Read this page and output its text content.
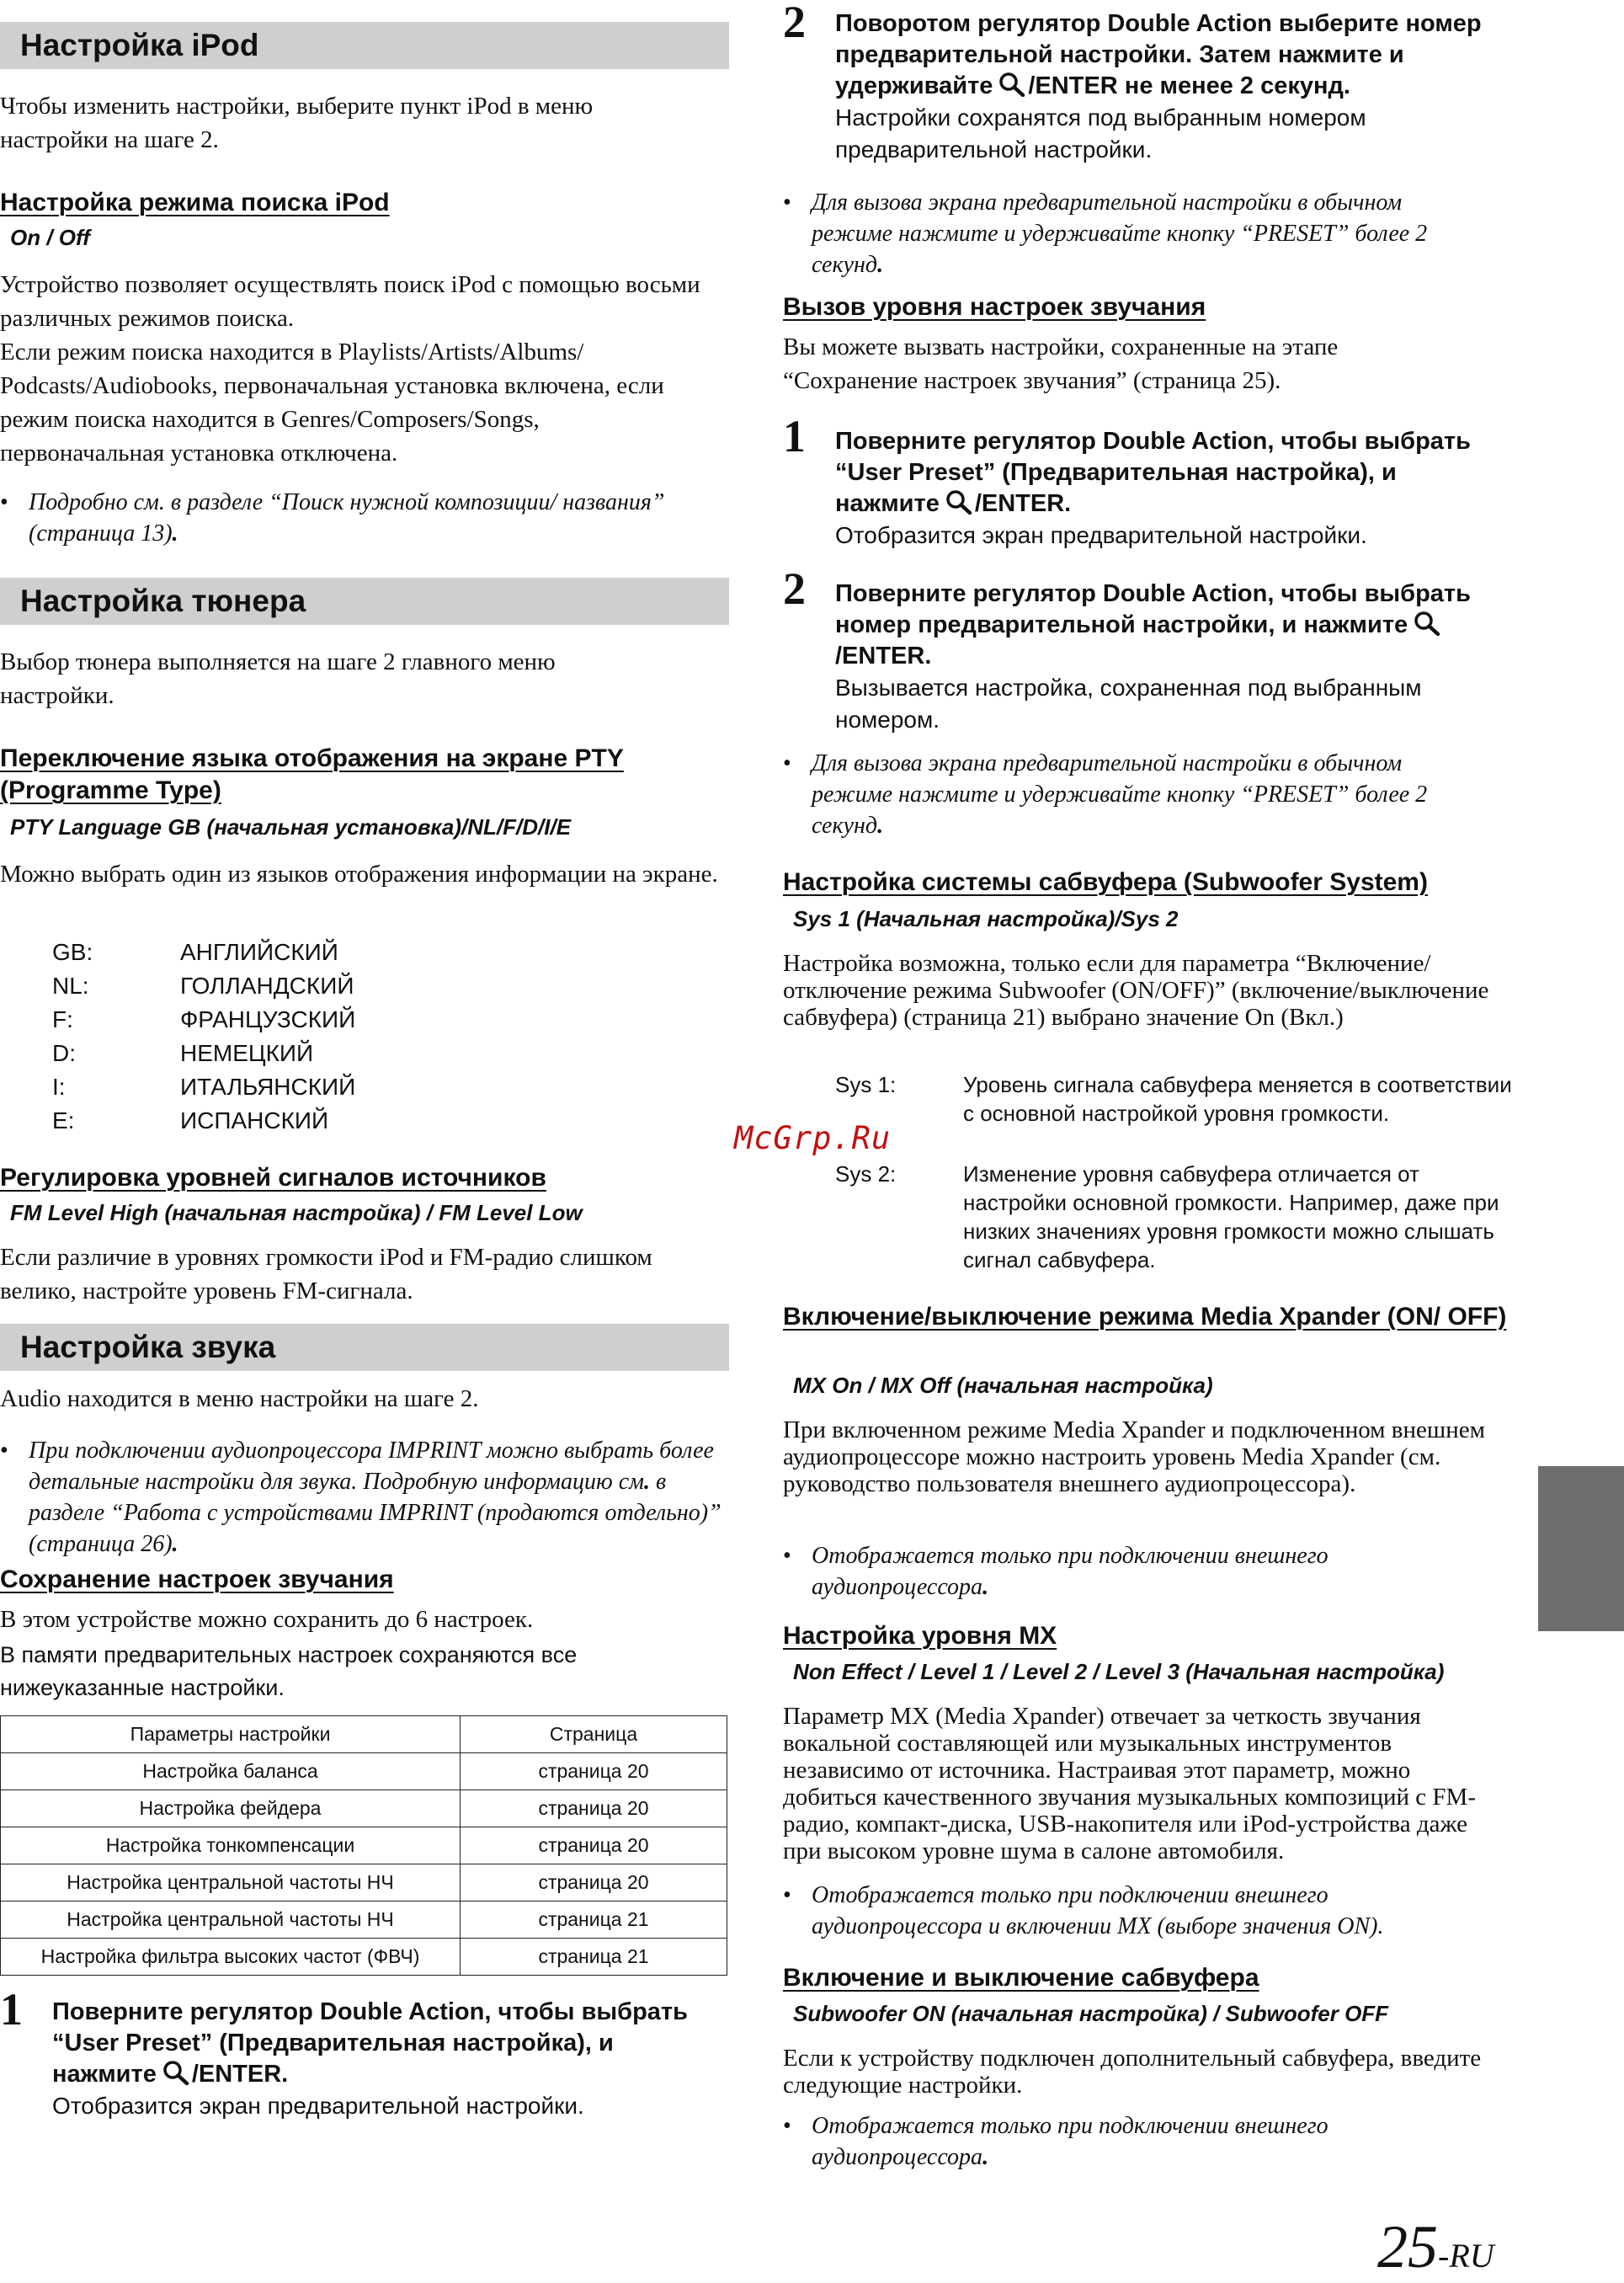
Настройка iPod
Чтобы изменить настройки, выберите пункт iPod в меню настройки на шаге 2.
Настройка режима поиска iPod
On / Off
Устройство позволяет осуществлять поиск iPod с помощью восьми различных режимов поиска.
Если режим поиска находится в Playlists/Artists/Albums/ Podcasts/Audiobooks, первоначальная установка включена, если режим поиска находится в Genres/Composers/Songs, первоначальная установка отключена.
• Подробно см. в разделе “Поиск нужной композиции/ названия” (страница 13).
Настройка тюнера
Выбор тюнера выполняется на шаге 2 главного меню настройки.
Переключение языка отображения на экране PTY (Programme Type)
PTY Language GB (начальная установка)/NL/F/D/I/E
Можно выбрать один из языков отображения информации на экране.
GB:	АНГЛИЙСКИЙ
NL:	ГОЛЛАНДСКИЙ
F:	ФРАНЦУЗСКИЙ
D:	НЕМЕЦКИЙ
I:	ИТАЛЬЯНСКИЙ
E:	ИСПАНСКИЙ
Регулировка уровней сигналов источников
FM Level High (начальная настройка) / FM Level Low
Если различие в уровнях громкости iPod и FM-радио слишком велико, настройте уровень FM-сигнала.
Настройка звука
Audio находится в меню настройки на шаге 2.
• При подключении аудиопроцессора IMPRINT можно выбрать более детальные настройки для звука. Подробную информацию см. в разделе “Работа с устройствами IMPRINT (продаются отдельно)” (страница 26).
Сохранение настроек звучания
В этом устройстве можно сохранить до 6 настроек.
В памяти предварительных настроек сохраняются все нижеуказанные настройки.
Параметры настройки	Страница
Настройка баланса	страница 20
Настройка фейдера	страница 20
Настройка тонкомпенсации	страница 20
Настройка центральной частоты НЧ	страница 20
Настройка центральной частоты НЧ	страница 21
Настройка фильтра высоких частот (ФВЧ)	страница 21
1 Поверните регулятор Double Action, чтобы выбрать “User Preset” (Предварительная настройка), и нажмите /ENTER.
Отобразится экран предварительной настройки.
2 Поворотом регулятор Double Action выберите номер предварительной настройки. Затем нажмите и удерживайте /ENTER не менее 2 секунд.
Настройки сохранятся под выбранным номером предварительной настройки.
• Для вызова экрана предварительной настройки в обычном режиме нажмите и удерживайте кнопку “PRESET” более 2 секунд.
Вызов уровня настроек звучания
Вы можете вызвать настройки, сохраненные на этапе “Сохранение настроек звучания” (страница 25).
1 Поверните регулятор Double Action, чтобы выбрать “User Preset” (Предварительная настройка), и нажмите /ENTER.
Отобразится экран предварительной настройки.
2 Поверните регулятор Double Action, чтобы выбрать номер предварительной настройки, и нажмите/ENTER.
Вызывается настройка, сохраненная под выбранным номером.
• Для вызова экрана предварительной настройки в обычном режиме нажмите и удерживайте кнопку “PRESET” более 2 секунд.
Настройка системы сабвуфера (Subwoofer System)
Sys 1 (Начальная настройка)/Sys 2
Настройка возможна, только если для параметра “Включение/отключение режима Subwoofer (ON/OFF)” (включение/выключение сабвуфера) (страница 21) выбрано значение On (Вкл.)
Sys 1:	Уровень сигнала сабвуфера меняется в соответствии с основной настройкой уровня громкости.
Sys 2:	Изменение уровня сабвуфера отличается от настройки основной громкости. Например, даже при низких значениях уровня громкости можно слышать сигнал сабвуфера.
Включение/выключение режима Media Xpander (ON/ OFF)
MX On / MX Off (начальная настройка)
При включенном режиме Media Xpander и подключенном внешнем аудиопроцессоре можно настроить уровень Media Xpander (см. руководство пользователя внешнего аудиопроцессора).
• Отображается только при подключении внешнего аудиопроцессора.
Настройка уровня MX
Non Effect / Level 1 / Level 2 / Level 3 (Начальная настройка)
Параметр MX (Media Xpander) отвечает за четкость звучания вокальной составляющей или музыкальных инструментов независимо от источника. Настраивая этот параметр, можно добиться качественного звучания музыкальных композиций с FM-радио, компакт-диска, USB-накопителя или iPod-устройства даже при высоком уровне шума в салоне автомобиля.
• Отображается только при подключении внешнего аудиопроцессора и включении MX (выборе значения ON).
Включение и выключение сабвуфера
Subwoofer ON (начальная настройка) / Subwoofer OFF
Если к устройству подключен дополнительный сабвуфера, введите следующие настройки.
• Отображается только при подключении внешнего аудиопроцессора.
McGrp.Ru
25-RU
